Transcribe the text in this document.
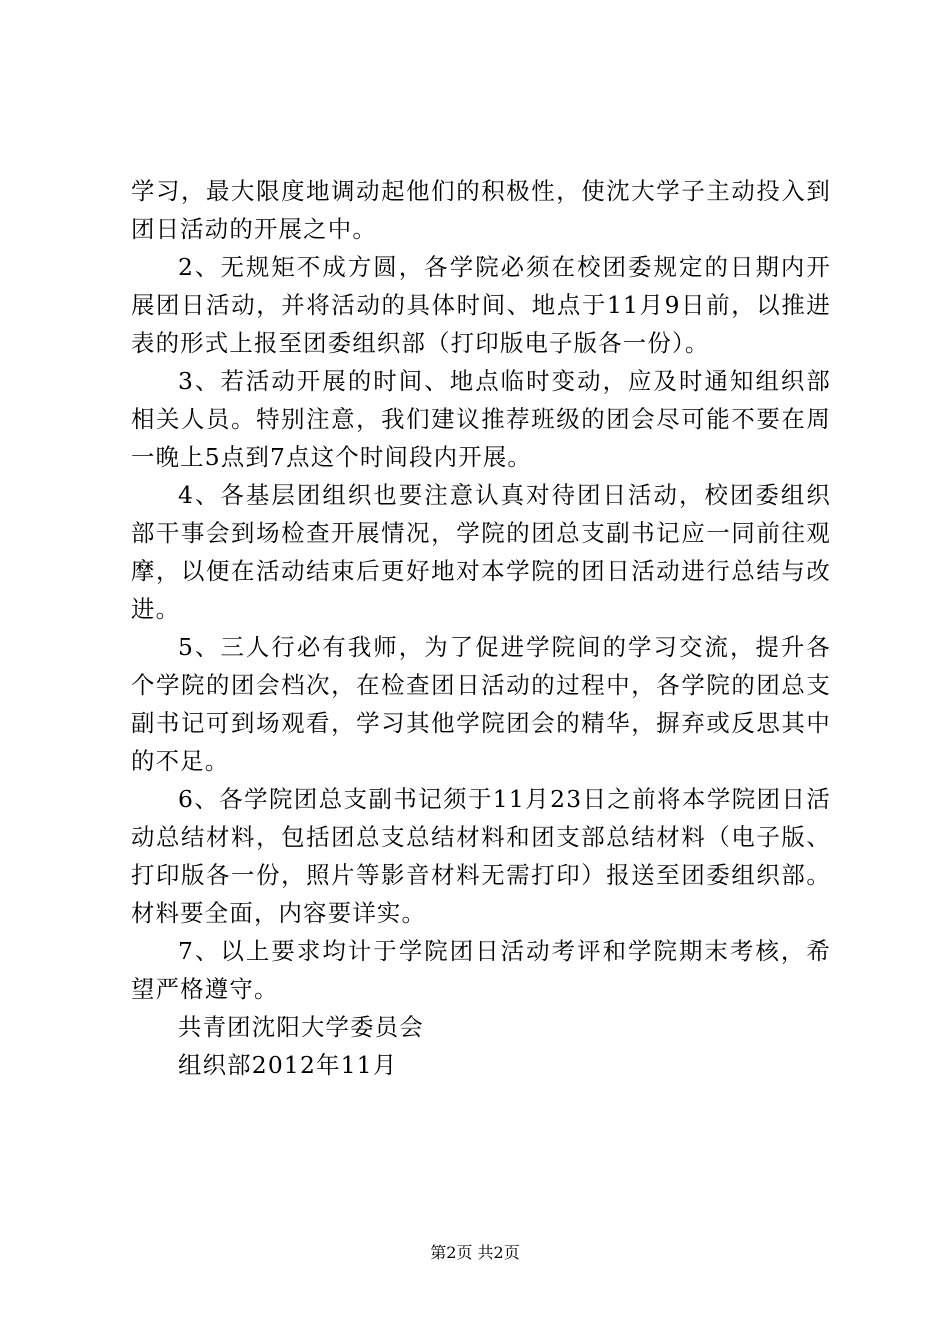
学习，最大限度地调动起他们的积极性，使沈大学子主动投入到团日活动的开展之中。

2、无规矩不成方圆，各学院必须在校团委规定的日期内开展团日活动，并将活动的具体时间、地点于11月9日前，以推进表的形式上报至团委组织部（打印版电子版各一份）。

3、若活动开展的时间、地点临时变动，应及时通知组织部相关人员。特别注意，我们建议推荐班级的团会尽可能不要在周一晚上5点到7点这个时间段内开展。

4、各基层团组织也要注意认真对待团日活动，校团委组织部干事会到场检查开展情况，学院的团总支副书记应一同前往观摩，以便在活动结束后更好地对本学院的团日活动进行总结与改进。

5、三人行必有我师，为了促进学院间的学习交流，提升各个学院的团会档次，在检查团日活动的过程中，各学院的团总支副书记可到场观看，学习其他学院团会的精华，摒弃或反思其中的不足。

6、各学院团总支副书记须于11月23日之前将本学院团日活动总结材料，包括团总支总结材料和团支部总结材料（电子版、打印版各一份，照片等影音材料无需打印）报送至团委组织部。材料要全面，内容要详实。

7、以上要求均计于学院团日活动考评和学院期末考核，希望严格遵守。

共青团沈阳大学委员会

组织部2012年11月

第2页 共2页
